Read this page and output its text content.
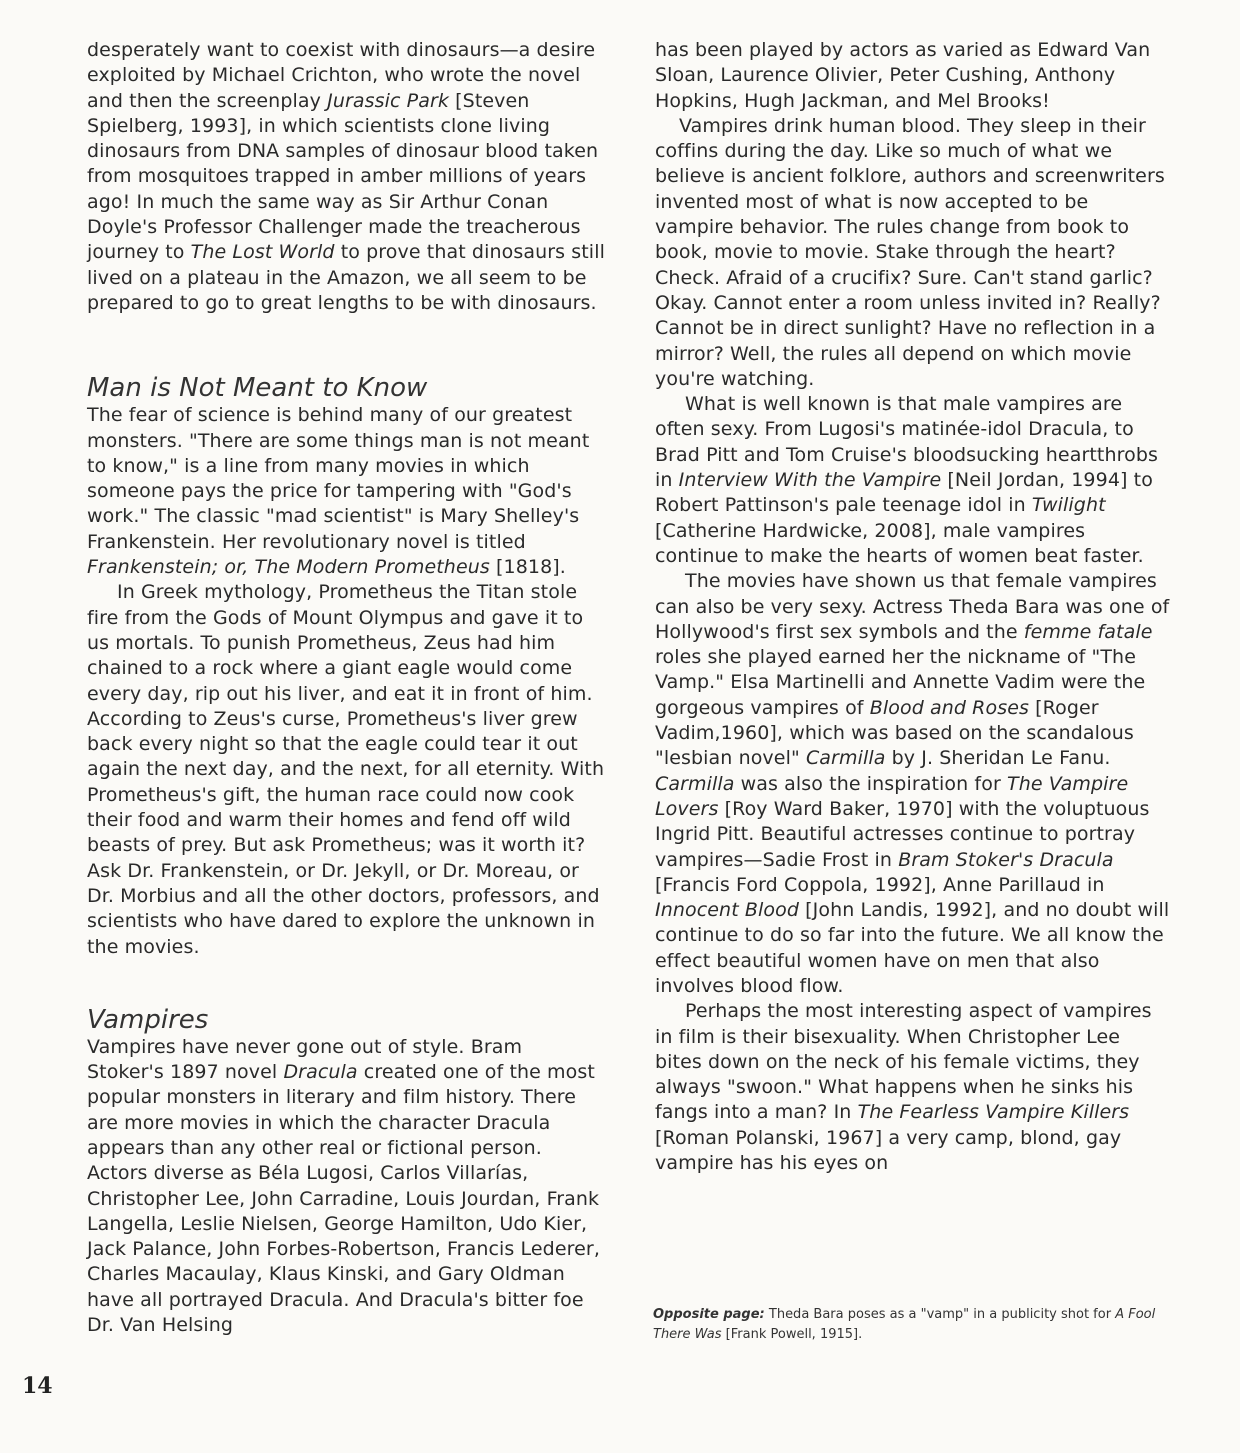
desperately want to coexist with dinosaurs—a desire exploited by Michael Crichton, who wrote the novel and then the screenplay Jurassic Park [Steven Spielberg, 1993], in which scientists clone living dinosaurs from DNA samples of dinosaur blood taken from mosquitoes trapped in amber millions of years ago! In much the same way as Sir Arthur Conan Doyle's Professor Challenger made the treacherous journey to The Lost World to prove that dinosaurs still lived on a plateau in the Amazon, we all seem to be prepared to go to great lengths to be with dinosaurs.

Man is Not Meant to Know

The fear of science is behind many of our greatest monsters. "There are some things man is not meant to know," is a line from many movies in which someone pays the price for tampering with "God's work." The classic "mad scientist" is Mary Shelley's Frankenstein. Her revolutionary novel is titled Frankenstein; or, The Modern Prometheus [1818].

In Greek mythology, Prometheus the Titan stole fire from the Gods of Mount Olympus and gave it to us mortals. To punish Prometheus, Zeus had him chained to a rock where a giant eagle would come every day, rip out his liver, and eat it in front of him. According to Zeus's curse, Prometheus's liver grew back every night so that the eagle could tear it out again the next day, and the next, for all eternity. With Prometheus's gift, the human race could now cook their food and warm their homes and fend off wild beasts of prey. But ask Prometheus; was it worth it? Ask Dr. Frankenstein, or Dr. Jekyll, or Dr. Moreau, or Dr. Morbius and all the other doctors, professors, and scientists who have dared to explore the unknown in the movies.

Vampires

Vampires have never gone out of style. Bram Stoker's 1897 novel Dracula created one of the most popular monsters in literary and film history. There are more movies in which the character Dracula appears than any other real or fictional person. Actors diverse as Béla Lugosi, Carlos Villarías, Christopher Lee, John Carradine, Louis Jourdan, Frank Langella, Leslie Nielsen, George Hamilton, Udo Kier, Jack Palance, John Forbes-Robertson, Francis Lederer, Charles Macaulay, Klaus Kinski, and Gary Oldman have all portrayed Dracula. And Dracula's bitter foe Dr. Van Helsing

has been played by actors as varied as Edward Van Sloan, Laurence Olivier, Peter Cushing, Anthony Hopkins, Hugh Jackman, and Mel Brooks!

Vampires drink human blood. They sleep in their coffins during the day. Like so much of what we believe is ancient folklore, authors and screenwriters invented most of what is now accepted to be vampire behavior. The rules change from book to book, movie to movie. Stake through the heart? Check. Afraid of a crucifix? Sure. Can't stand garlic? Okay. Cannot enter a room unless invited in? Really? Cannot be in direct sunlight? Have no reflection in a mirror? Well, the rules all depend on which movie you're watching.

What is well known is that male vampires are often sexy. From Lugosi's matinée-idol Dracula, to Brad Pitt and Tom Cruise's bloodsucking heartthrobs in Interview With the Vampire [Neil Jordan, 1994] to Robert Pattinson's pale teenage idol in Twilight [Catherine Hardwicke, 2008], male vampires continue to make the hearts of women beat faster.

The movies have shown us that female vampires can also be very sexy. Actress Theda Bara was one of Hollywood's first sex symbols and the femme fatale roles she played earned her the nickname of "The Vamp." Elsa Martinelli and Annette Vadim were the gorgeous vampires of Blood and Roses [Roger Vadim,1960], which was based on the scandalous "lesbian novel" Carmilla by J. Sheridan Le Fanu. Carmilla was also the inspiration for The Vampire Lovers [Roy Ward Baker, 1970] with the voluptuous Ingrid Pitt. Beautiful actresses continue to portray vampires—Sadie Frost in Bram Stoker's Dracula [Francis Ford Coppola, 1992], Anne Parillaud in Innocent Blood [John Landis, 1992], and no doubt will continue to do so far into the future. We all know the effect beautiful women have on men that also involves blood flow.

Perhaps the most interesting aspect of vampires in film is their bisexuality. When Christopher Lee bites down on the neck of his female victims, they always "swoon." What happens when he sinks his fangs into a man? In The Fearless Vampire Killers [Roman Polanski, 1967] a very camp, blond, gay vampire has his eyes on

Opposite page: Theda Bara poses as a "vamp" in a publicity shot for A Fool There Was [Frank Powell, 1915].
14
